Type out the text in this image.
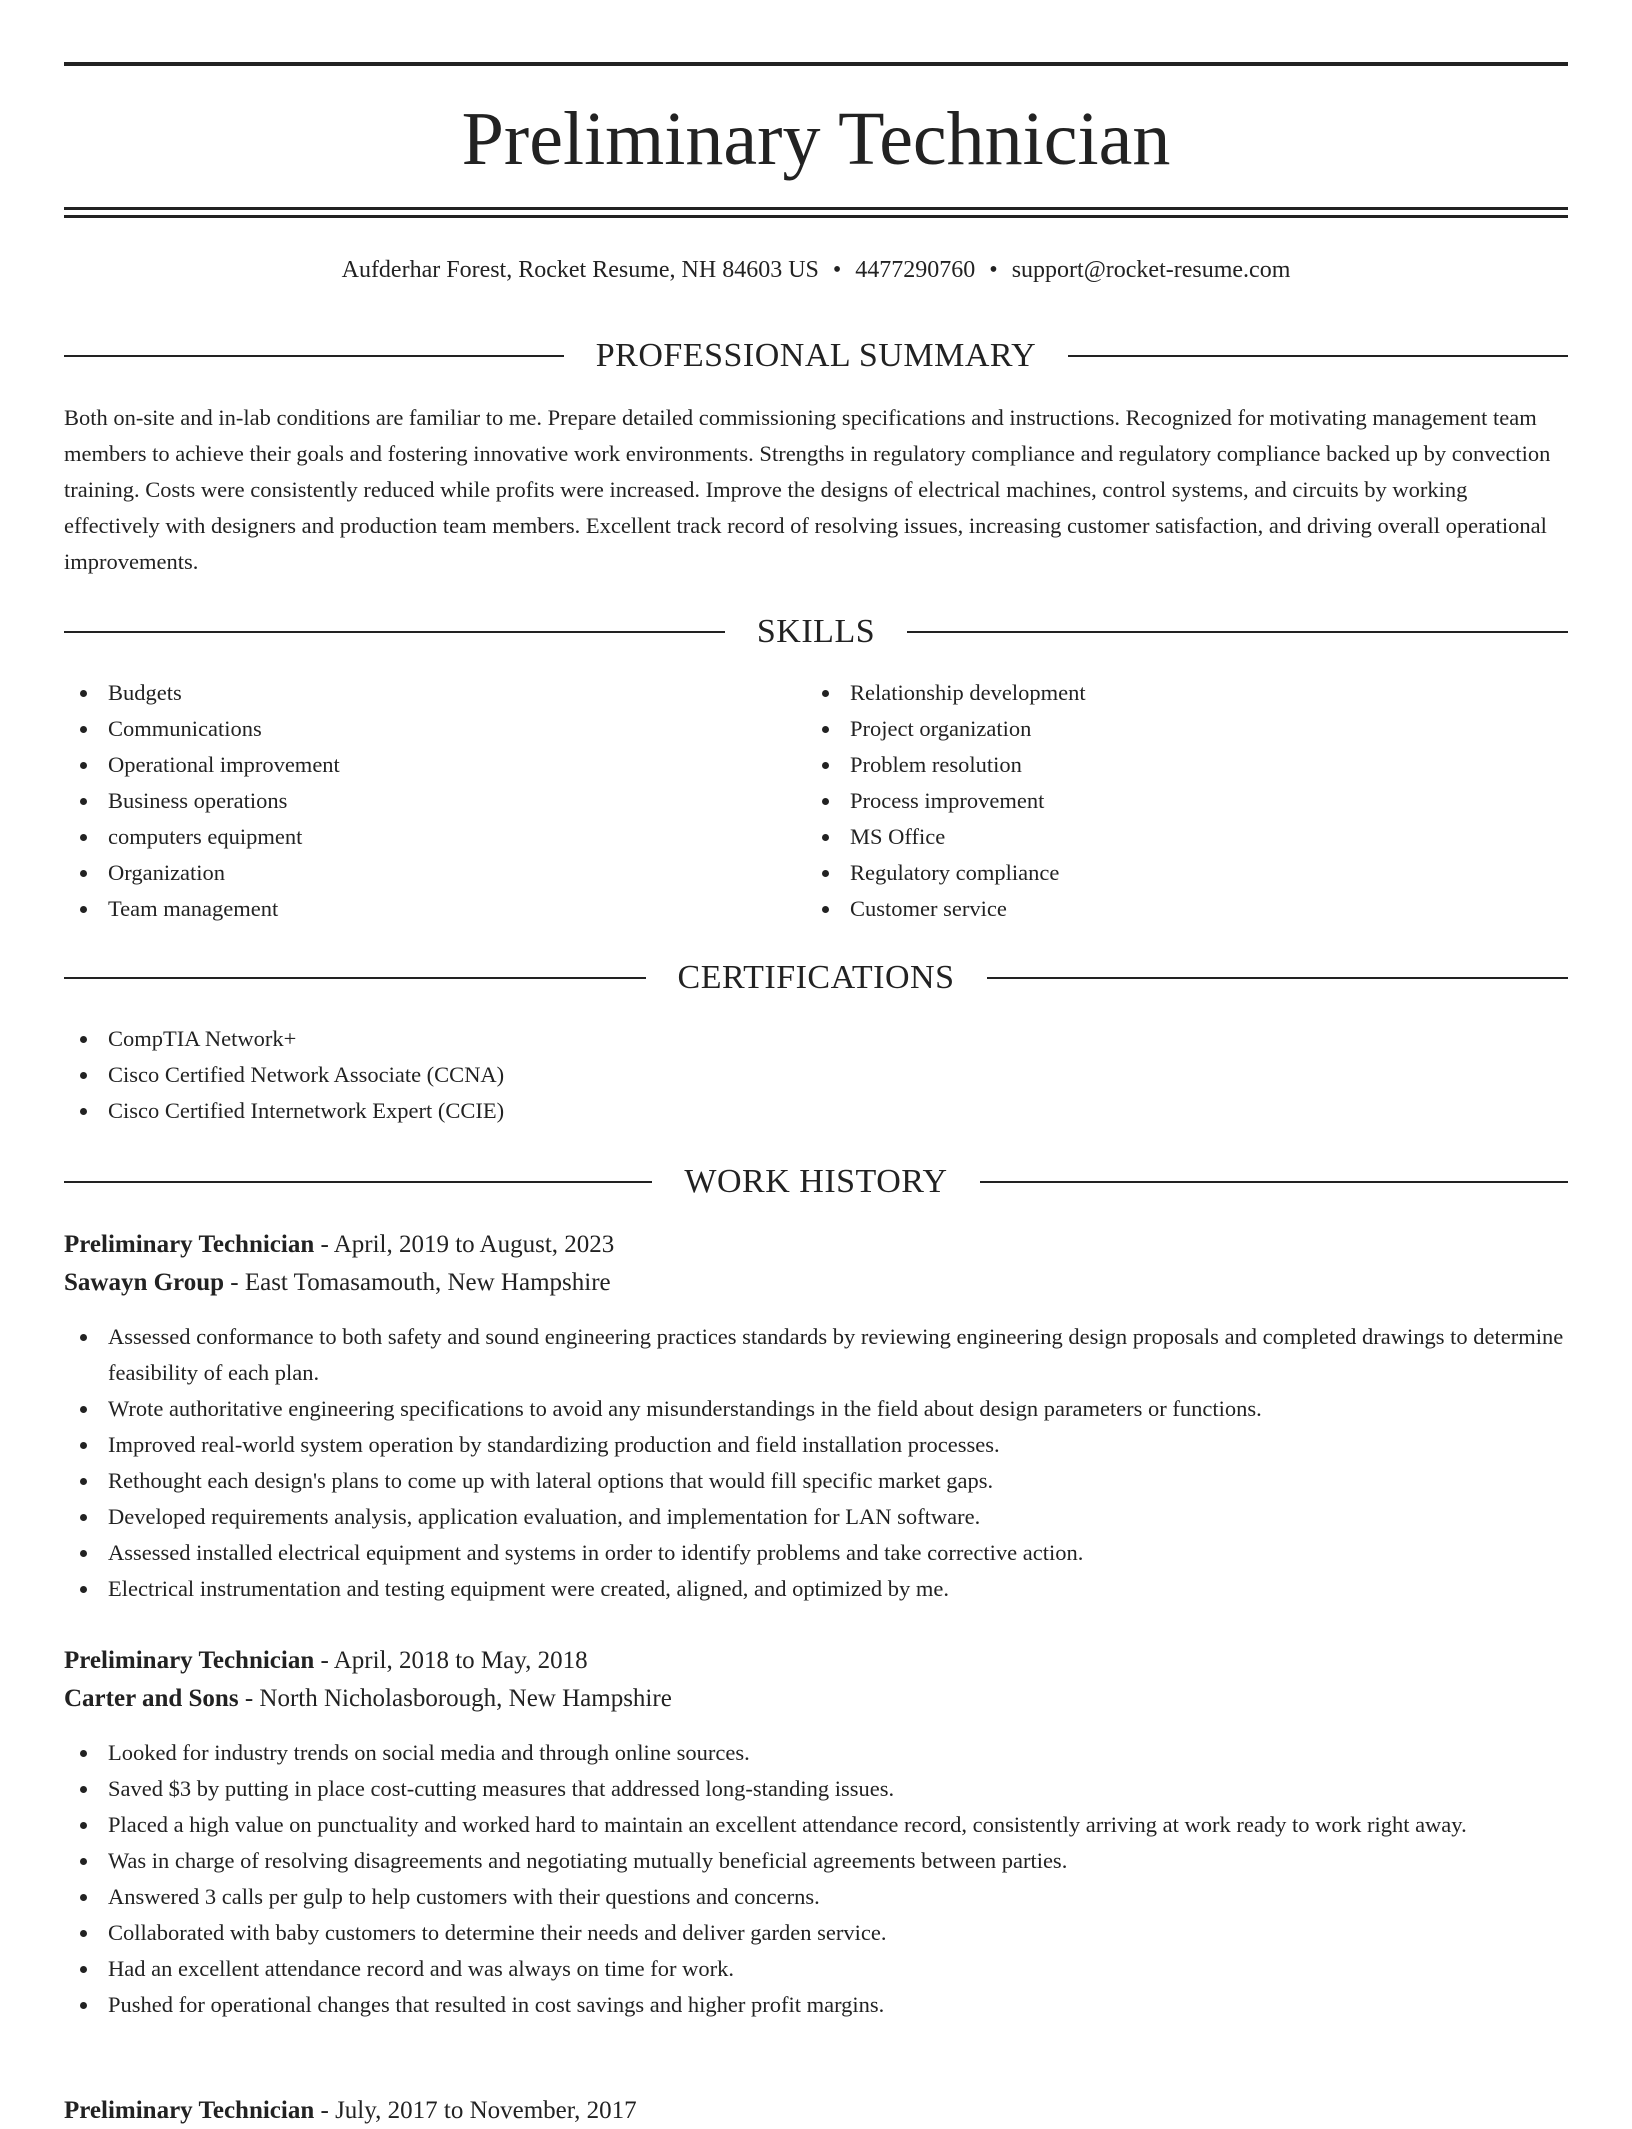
Preliminary Technician
Aufderhar Forest, Rocket Resume, NH 84603 US • 4477290760 • support@rocket-resume.com
PROFESSIONAL SUMMARY

Both on-site and in-lab conditions are familiar to me. Prepare detailed commissioning specifications and instructions. Recognized for motivating management team members to achieve their goals and fostering innovative work environments. Strengths in regulatory compliance and regulatory compliance backed up by convection training. Costs were consistently reduced while profits were increased. Improve the designs of electrical machines, control systems, and circuits by working effectively with designers and production team members. Excellent track record of resolving issues, increasing customer satisfaction, and driving overall operational improvements.

SKILLS
Budgets
Communications
Operational improvement
Business operations
computers equipment
Organization
Team management
Relationship development
Project organization
Problem resolution
Process improvement
MS Office
Regulatory compliance
Customer service
CERTIFICATIONS
CompTIA Network+
Cisco Certified Network Associate (CCNA)
Cisco Certified Internetwork Expert (CCIE)
WORK HISTORY
Preliminary Technician - April, 2019 to August, 2023
Sawayn Group - East Tomasamouth, New Hampshire
Assessed conformance to both safety and sound engineering practices standards by reviewing engineering design proposals and completed drawings to determine feasibility of each plan.
Wrote authoritative engineering specifications to avoid any misunderstandings in the field about design parameters or functions.
Improved real-world system operation by standardizing production and field installation processes.
Rethought each design's plans to come up with lateral options that would fill specific market gaps.
Developed requirements analysis, application evaluation, and implementation for LAN software.
Assessed installed electrical equipment and systems in order to identify problems and take corrective action.
Electrical instrumentation and testing equipment were created, aligned, and optimized by me.
Preliminary Technician - April, 2018 to May, 2018
Carter and Sons - North Nicholasborough, New Hampshire
Looked for industry trends on social media and through online sources.
Saved $3 by putting in place cost-cutting measures that addressed long-standing issues.
Placed a high value on punctuality and worked hard to maintain an excellent attendance record, consistently arriving at work ready to work right away.
Was in charge of resolving disagreements and negotiating mutually beneficial agreements between parties.
Answered 3 calls per gulp to help customers with their questions and concerns.
Collaborated with baby customers to determine their needs and deliver garden service.
Had an excellent attendance record and was always on time for work.
Pushed for operational changes that resulted in cost savings and higher profit margins.
Preliminary Technician - July, 2017 to November, 2017
